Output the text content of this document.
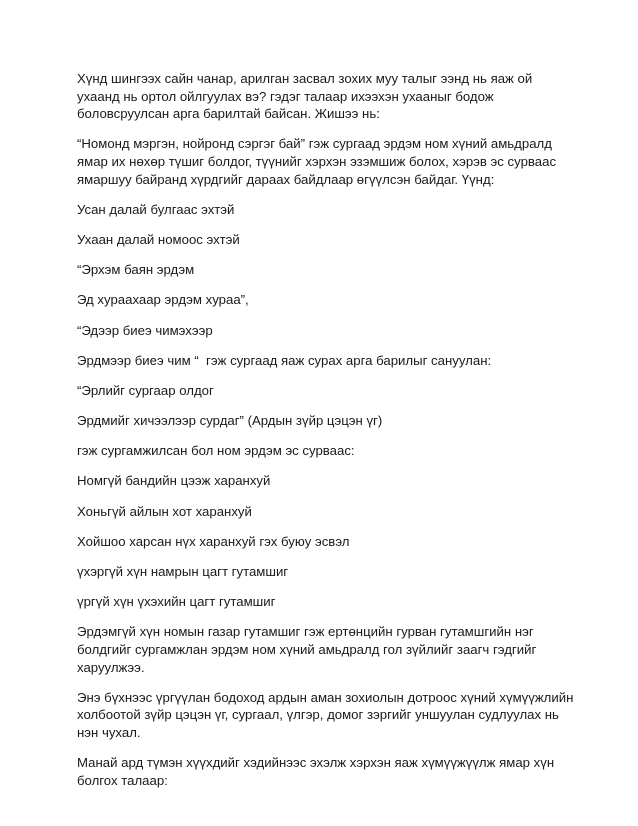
Хүнд шингээх сайн чанар, арилган засвал зохих муу талыг ээнд нь яаж ой ухаанд нь ортол ойлгуулах вэ? гэдэг талаар ихээхэн ухааныг бодож боловсруулсан арга барилтай байсан. Жишээ нь:

“Номонд мэргэн, нойронд сэргэг бай” гэж сургаад эрдэм ном хүний амьдралд ямар их нөхөр түшиг болдог, түүнийг хэрхэн эзэмшиж болох, хэрэв эс сурваас ямаршуу байранд хүрдгийг дараах байдлаар өгүүлсэн байдаг. Үүнд:

Усан далай булгаас эхтэй

Ухаан далай номоос эхтэй

“Эрхэм баян эрдэм

Эд хураахаар эрдэм хураа”,

“Эдээр биеэ чимэхээр

Эрдмээр биеэ чим “  гэж сургаад яаж сурах арга барилыг сануулан:

“Эрлийг сургаар олдог

Эрдмийг хичээлээр сурдаг” (Ардын зүйр цэцэн үг)

гэж сургамжилсан бол ном эрдэм эс сурваас:

Номгүй бандийн цээж харанхуй

Хоньгүй айлын хот харанхуй

Хойшоо харсан нүх харанхуй гэх буюу эсвэл

үхэргүй хүн намрын цагт гутамшиг

үргүй хүн үхэхийн цагт гутамшиг

Эрдэмгүй хүн номын газар гутамшиг гэж ертөнцийн гурван гутамшгийн нэг болдгийг сургамжлан эрдэм ном хүний амьдралд гол зүйлийг заагч гэдгийг харуулжээ.

Энэ бүхнээс үргүүлан бодоход ардын аман зохиолын дотроос хүний хүмүүжлийн холбоотой зүйр цэцэн үг, сургаал, үлгэр, домог зэргийг уншуулан судлуулах нь нэн чухал.

Манай ард түмэн хүүхдийг хэдийнээс эхэлж хэрхэн яаж хүмүүжүүлж ямар хүн болгох талаар:
